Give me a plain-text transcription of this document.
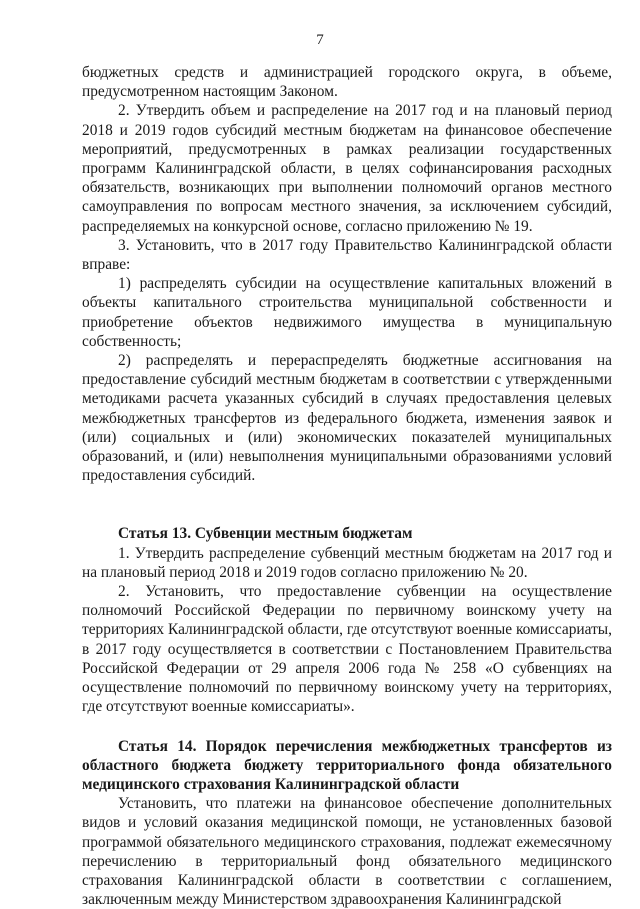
7

бюджетных средств и администрацией городского округа, в объеме, предусмотренном настоящим Законом.

2. Утвердить объем и распределение на 2017 год и на плановый период 2018 и 2019 годов субсидий местным бюджетам на финансовое обеспечение мероприятий, предусмотренных в рамках реализации государственных программ Калининградской области, в целях софинансирования расходных обязательств, возникающих при выполнении полномочий органов местного самоуправления по вопросам местного значения, за исключением субсидий, распределяемых на конкурсной основе, согласно приложению № 19.

3. Установить, что в 2017 году Правительство Калининградской области вправе:

1) распределять субсидии на осуществление капитальных вложений в объекты капитального строительства муниципальной собственности и приобретение объектов недвижимого имущества в муниципальную собственность;

2) распределять и перераспределять бюджетные ассигнования на предоставление субсидий местным бюджетам в соответствии с утвержденными методиками расчета указанных субсидий в случаях предоставления целевых межбюджетных трансфертов из федерального бюджета, изменения заявок и (или) социальных и (или) экономических показателей муниципальных образований, и (или) невыполнения муниципальными образованиями условий предоставления субсидий.

Статья 13. Субвенции местным бюджетам

1. Утвердить распределение субвенций местным бюджетам на 2017 год и на плановый период 2018 и 2019 годов согласно приложению № 20.

2. Установить, что предоставление субвенции на осуществление полномочий Российской Федерации по первичному воинскому учету на территориях Калининградской области, где отсутствуют военные комиссариаты, в 2017 году осуществляется в соответствии с Постановлением Правительства Российской Федерации от 29 апреля 2006 года № 258 «О субвенциях на осуществление полномочий по первичному воинскому учету на территориях, где отсутствуют военные комиссариаты».

Статья 14. Порядок перечисления межбюджетных трансфертов из областного бюджета бюджету территориального фонда обязательного медицинского страхования Калининградской области

Установить, что платежи на финансовое обеспечение дополнительных видов и условий оказания медицинской помощи, не установленных базовой программой обязательного медицинского страхования, подлежат ежемесячному перечислению в территориальный фонд обязательного медицинского страхования Калининградской области в соответствии с соглашением, заключенным между Министерством здравоохранения Калининградской
